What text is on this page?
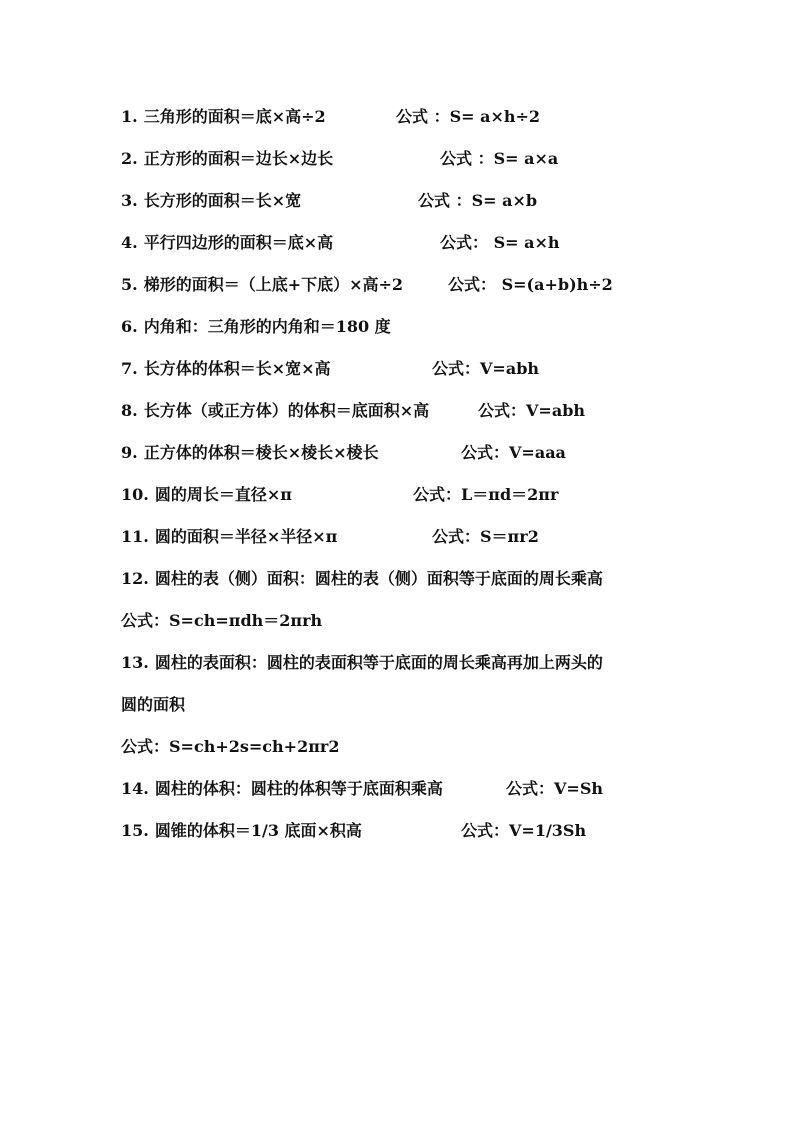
1. 三角形的面积＝底×高÷2	公式 ：S= a×h÷2
2. 正方形的面积＝边长×边长	公式 ：S= a×a
3. 长方形的面积＝长×宽	公式 ：S= a×b
4. 平行四边形的面积＝底×高	公式： S= a×h
5. 梯形的面积＝（上底+下底）×高÷2	公式： S=(a+b)h÷2
6. 内角和：三角形的内角和＝180 度
7. 长方体的体积＝长×宽×高	公式：V=abh
8. 长方体（或正方体）的体积＝底面积×高	公式：V=abh
9. 正方体的体积＝棱长×棱长×棱长	公式：V=aaa
10. 圆的周长＝直径×π	公式：L＝πd＝2πr
11. 圆的面积＝半径×半径×π	公式：S＝πr2
12. 圆柱的表（侧）面积：圆柱的表（侧）面积等于底面的周长乘高
公式：S=ch=πdh＝2πrh
13. 圆柱的表面积：圆柱的表面积等于底面的周长乘高再加上两头的
圆的面积
公式：S=ch+2s=ch+2πr2
14. 圆柱的体积：圆柱的体积等于底面积乘高	公式：V=Sh
15. 圆锥的体积＝1/3 底面×积高	公式：V=1/3Sh
